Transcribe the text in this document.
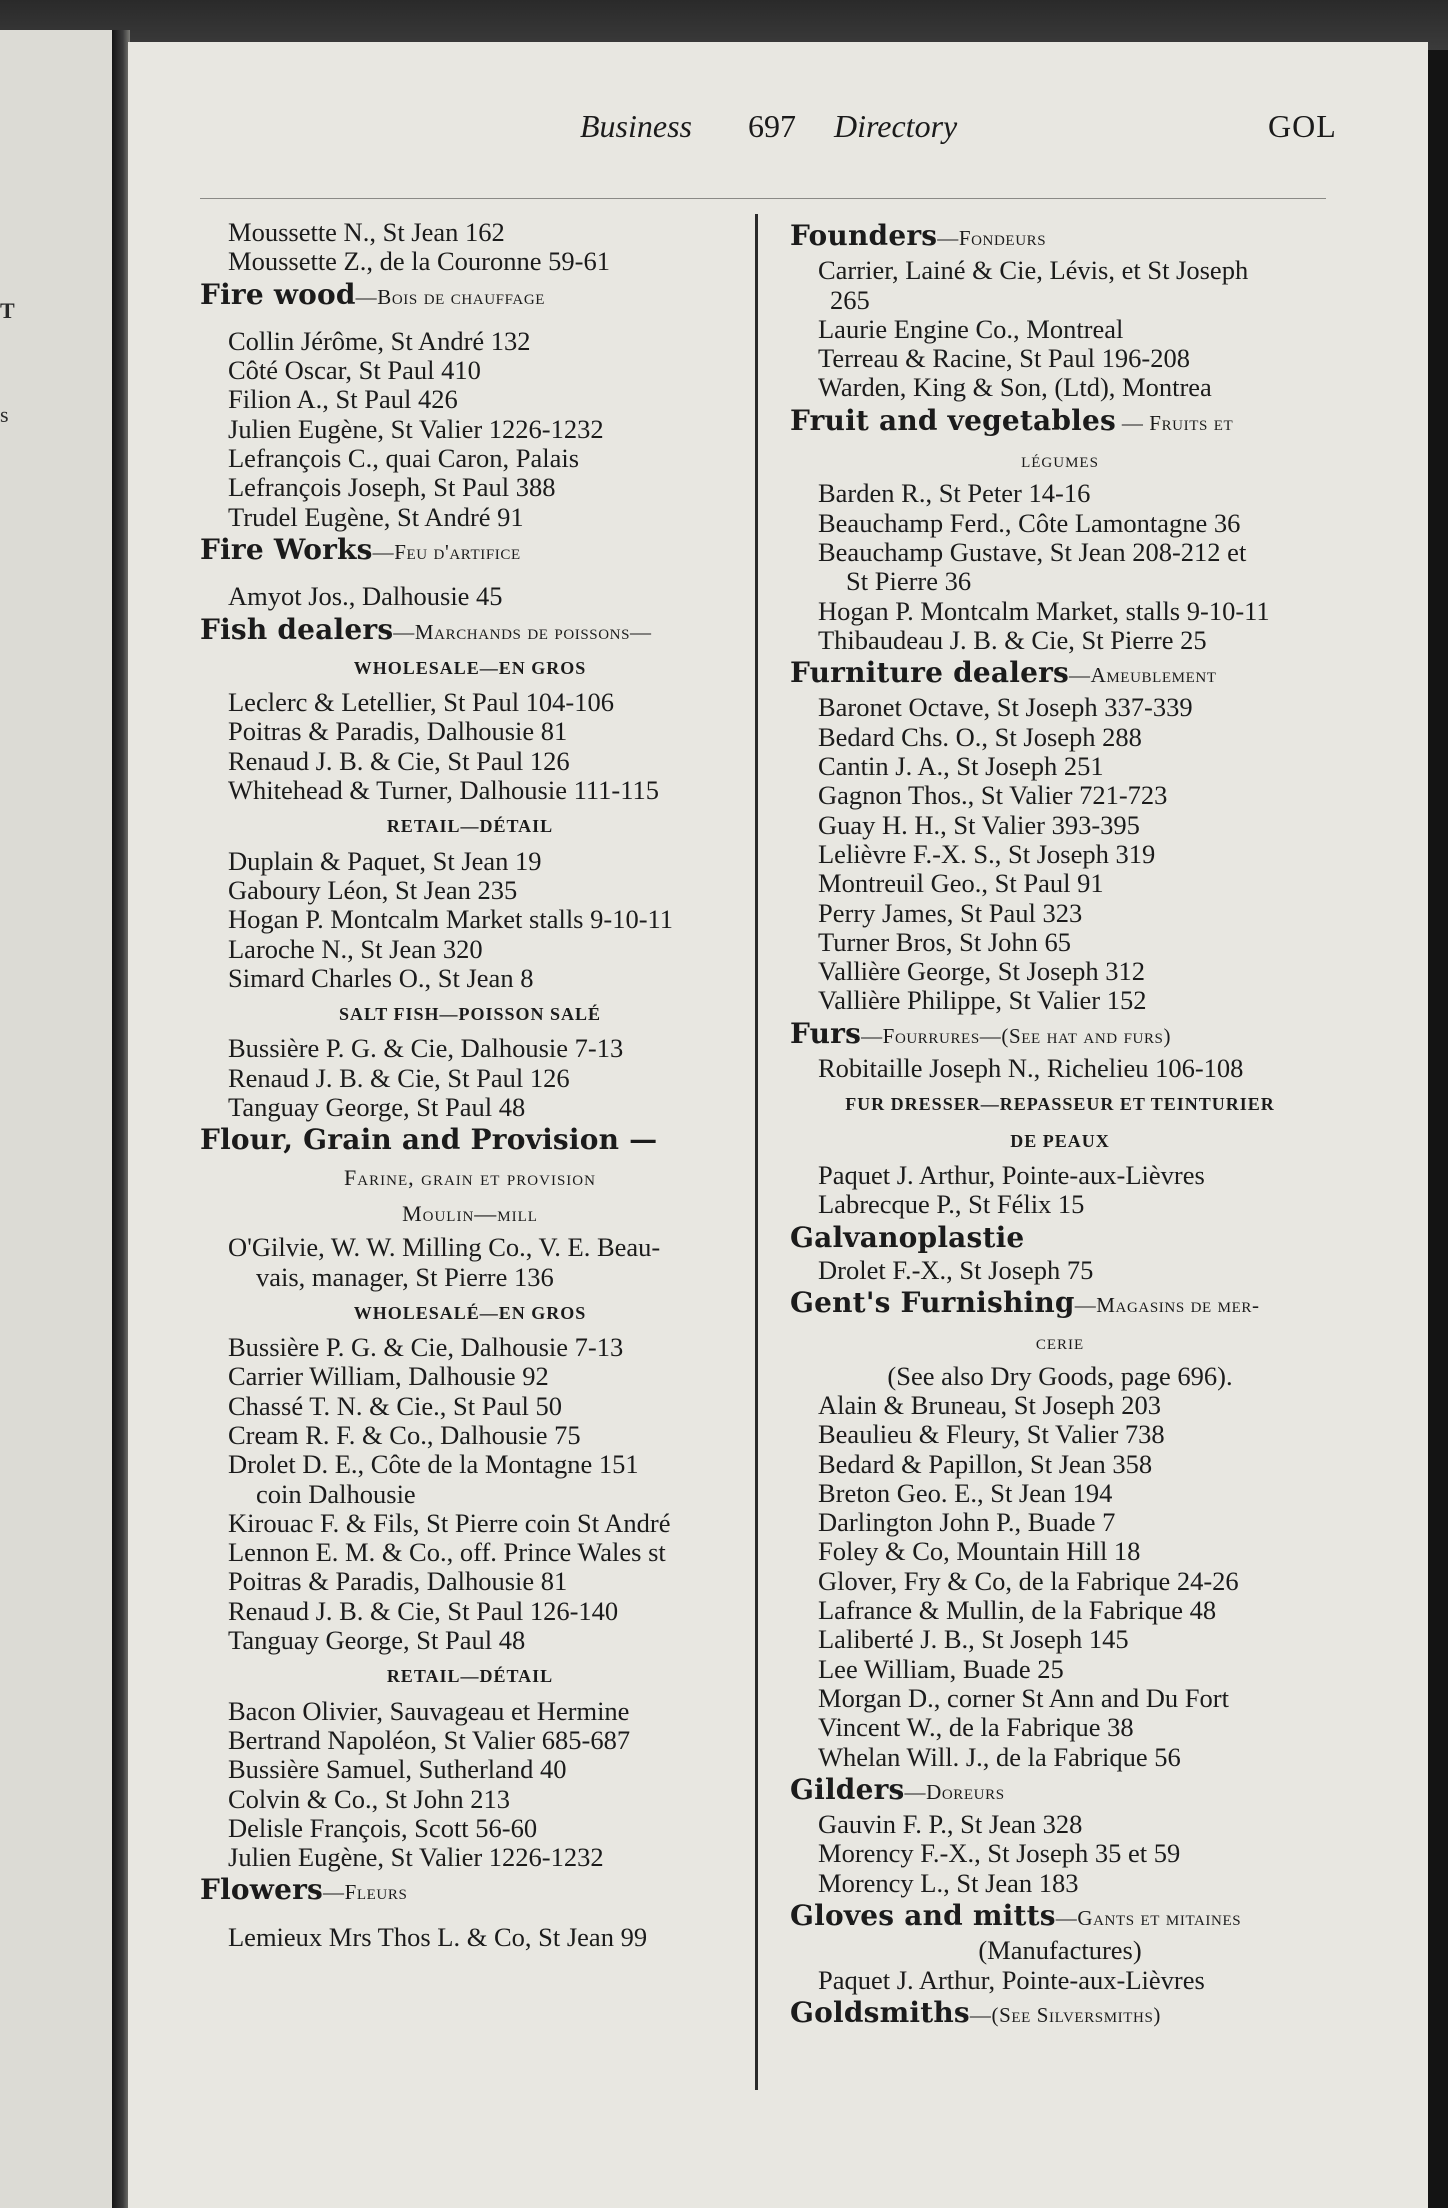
T
s
Business 697 Directory	GOL
Moussette N., St Jean 162
Moussette Z., de la Couronne 59-61
Fire wood—Bois de chauffage
Collin Jérôme, St André 132
Côté Oscar, St Paul 410
Filion A., St Paul 426
Julien Eugène, St Valier 1226-1232
Lefrançois C., quai Caron, Palais
Lefrançois Joseph, St Paul 388
Trudel Eugène, St André 91
Fire Works—Feu d'artifice
Amyot Jos., Dalhousie 45
Fish dealers—Marchands de poissons—
WHOLESALE—EN GROS
Leclerc & Letellier, St Paul 104-106
Poitras & Paradis, Dalhousie 81
Renaud J. B. & Cie, St Paul 126
Whitehead & Turner, Dalhousie 111-115
RETAIL—DÉTAIL
Duplain & Paquet, St Jean 19
Gaboury Léon, St Jean 235
Hogan P. Montcalm Market stalls 9-10-11
Laroche N., St Jean 320
Simard Charles O., St Jean 8
SALT FISH—POISSON SALÉ
Bussière P. G. & Cie, Dalhousie 7-13
Renaud J. B. & Cie, St Paul 126
Tanguay George, St Paul 48
Flour, Grain and Provision —
Farine, grain et provision
Moulin—mill
O'Gilvie, W. W. Milling Co., V. E. Beau-
vais, manager, St Pierre 136
WHOLESALÉ—EN GROS
Bussière P. G. & Cie, Dalhousie 7-13
Carrier William, Dalhousie 92
Chassé T. N. & Cie., St Paul 50
Cream R. F. & Co., Dalhousie 75
Drolet D. E., Côte de la Montagne 151
coin Dalhousie
Kirouac F. & Fils, St Pierre coin St André
Lennon E. M. & Co., off. Prince Wales st
Poitras & Paradis, Dalhousie 81
Renaud J. B. & Cie, St Paul 126-140
Tanguay George, St Paul 48
RETAIL—DÉTAIL
Bacon Olivier, Sauvageau et Hermine
Bertrand Napoléon, St Valier 685-687
Bussière Samuel, Sutherland 40
Colvin & Co., St John 213
Delisle François, Scott 56-60
Julien Eugène, St Valier 1226-1232
Flowers—Fleurs
Lemieux Mrs Thos L. & Co, St Jean 99
Founders—Fondeurs
Carrier, Lainé & Cie, Lévis, et St Joseph
265
Laurie Engine Co., Montreal
Terreau & Racine, St Paul 196-208
Warden, King & Son, (Ltd), Montrea
Fruit and vegetables — Fruits et
légumes
Barden R., St Peter 14-16
Beauchamp Ferd., Côte Lamontagne 36
Beauchamp Gustave, St Jean 208-212 et
St Pierre 36
Hogan P. Montcalm Market, stalls 9-10-11
Thibaudeau J. B. & Cie, St Pierre 25
Furniture dealers—Ameublement
Baronet Octave, St Joseph 337-339
Bedard Chs. O., St Joseph 288
Cantin J. A., St Joseph 251
Gagnon Thos., St Valier 721-723
Guay H. H., St Valier 393-395
Lelièvre F.-X. S., St Joseph 319
Montreuil Geo., St Paul 91
Perry James, St Paul 323
Turner Bros, St John 65
Vallière George, St Joseph 312
Vallière Philippe, St Valier 152
Furs—Fourrures—(See hat and furs)
Robitaille Joseph N., Richelieu 106-108
FUR DRESSER—REPASSEUR ET TEINTURIER
DE PEAUX
Paquet J. Arthur, Pointe-aux-Lièvres
Labrecque P., St Félix 15
Galvanoplastie
Drolet F.-X., St Joseph 75
Gent's Furnishing—Magasins de mer-
cerie
(See also Dry Goods, page 696).
Alain & Bruneau, St Joseph 203
Beaulieu & Fleury, St Valier 738
Bedard & Papillon, St Jean 358
Breton Geo. E., St Jean 194
Darlington John P., Buade 7
Foley & Co, Mountain Hill 18
Glover, Fry & Co, de la Fabrique 24-26
Lafrance & Mullin, de la Fabrique 48
Laliberté J. B., St Joseph 145
Lee William, Buade 25
Morgan D., corner St Ann and Du Fort
Vincent W., de la Fabrique 38
Whelan Will. J., de la Fabrique 56
Gilders—Doreurs
Gauvin F. P., St Jean 328
Morency F.-X., St Joseph 35 et 59
Morency L., St Jean 183
Gloves and mitts—Gants et mitaines
(Manufactures)
Paquet J. Arthur, Pointe-aux-Lièvres
Goldsmiths—(See Silversmiths)
